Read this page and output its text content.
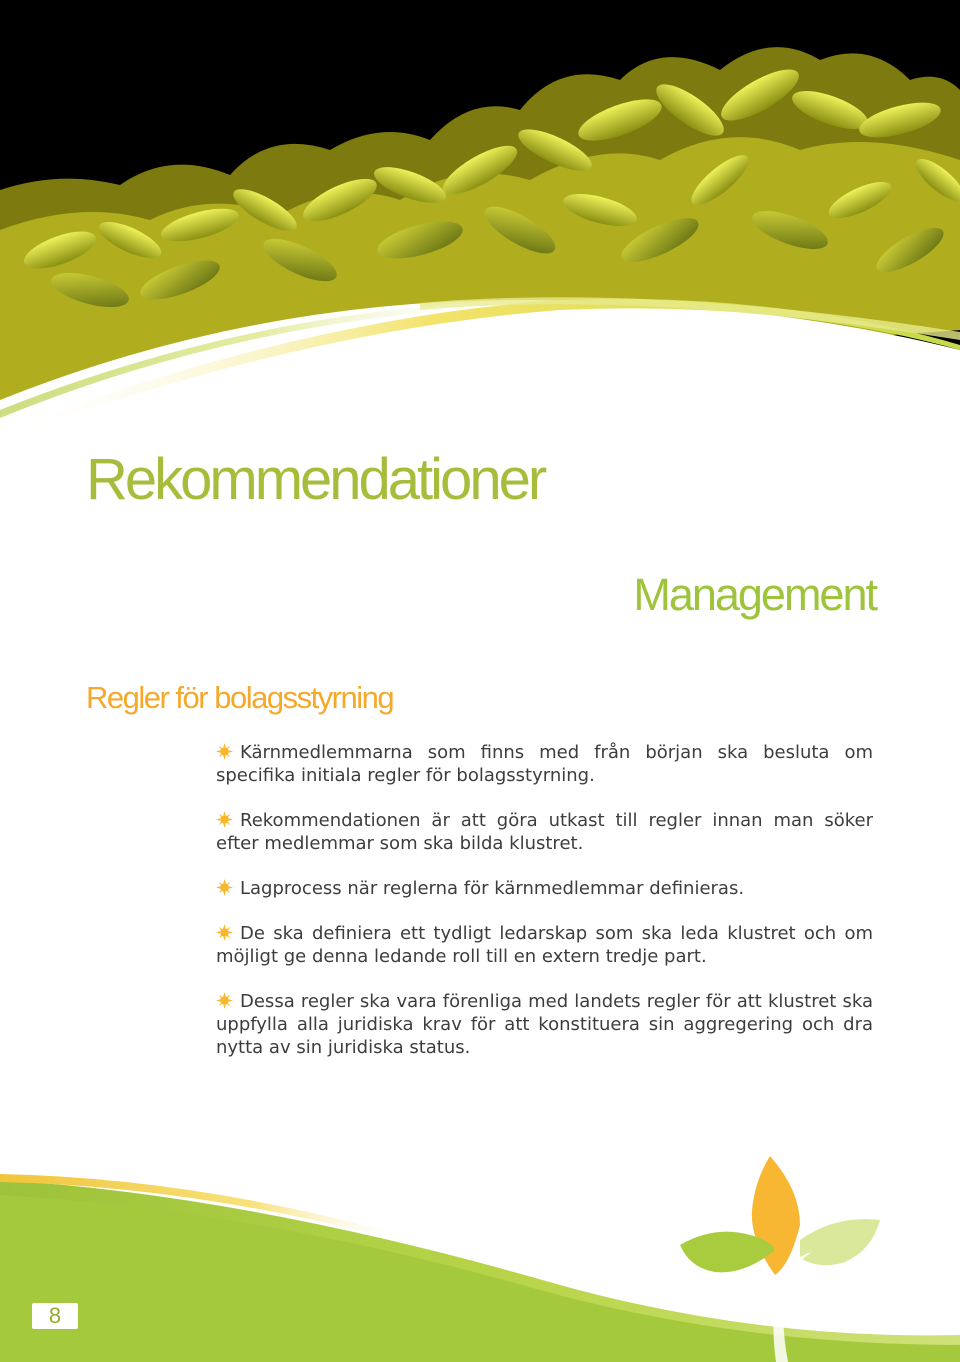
Rekommendationer
Management
Regler för bolagsstyrning

Kärnmedlemmarna som finns med från början ska besluta om specifika initiala regler för bolagsstyrning.

Rekommendationen är att göra utkast till regler innan man söker efter medlemmar som ska bilda klustret.

Lagprocess när reglerna för kärnmedlemmar definieras.

De ska definiera ett tydligt ledarskap som ska leda klustret och om möjligt ge denna ledande roll till en extern tredje part.

Dessa regler ska vara förenliga med landets regler för att klustret ska uppfylla alla juridiska krav för att konstituera sin aggregering och dra nytta av sin juridiska status.

8
